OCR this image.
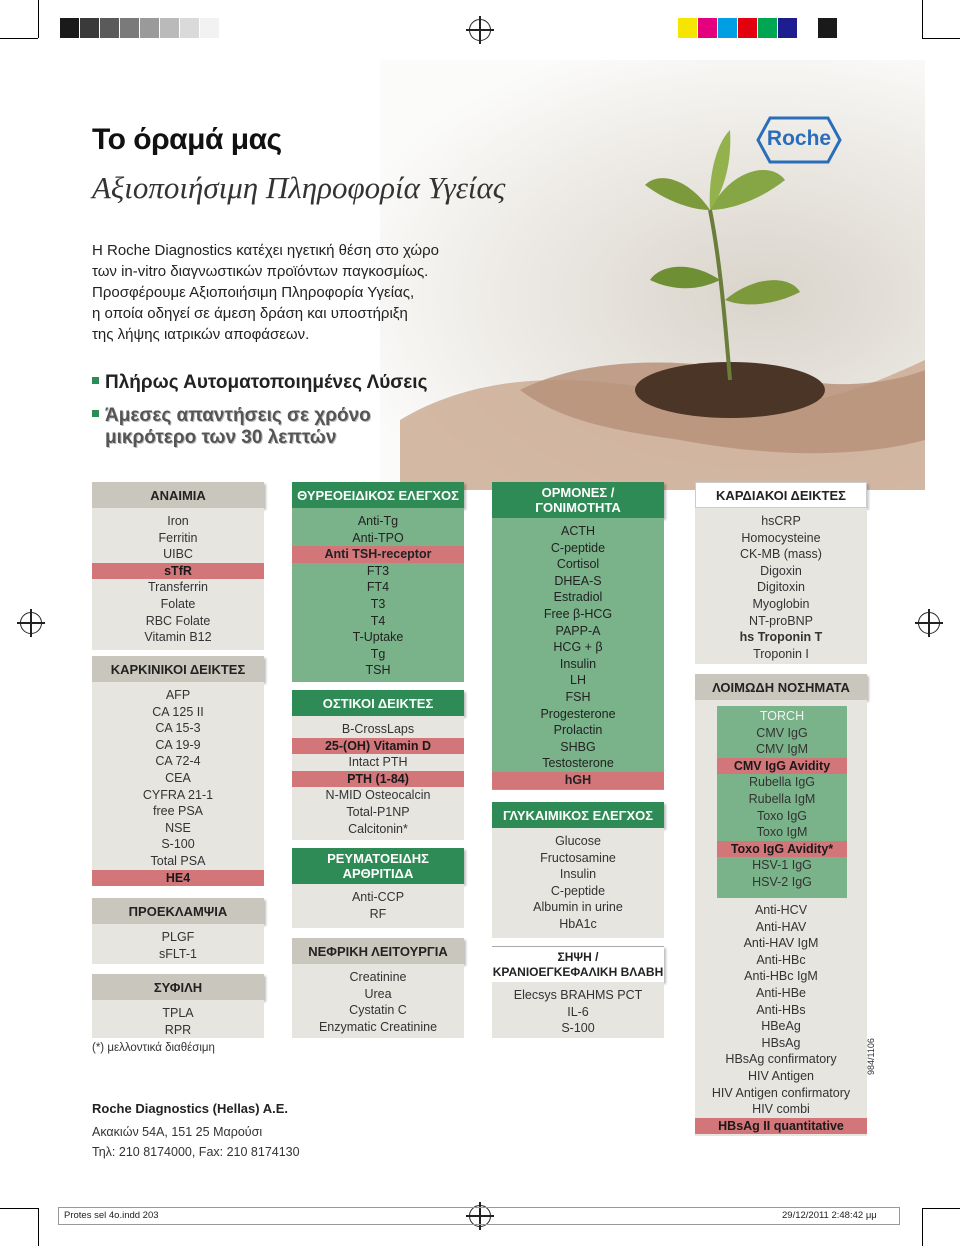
Roche
Το όραμά μας
Αξιοποιήσιμη Πληροφορία Υγείας
Η Roche Diagnostics κατέχει ηγετική θέση στο χώρο
των in-vitro διαγνωστικών προϊόντων παγκοσμίως.
Προσφέρουμε Αξιοποιήσιμη Πληροφορία Υγείας,
η οποία οδηγεί σε άμεση δράση και υποστήριξη
της λήψης ιατρικών αποφάσεων.
Πλήρως Αυτοματοποιημένες Λύσεις
Άμεσες απαντήσεις σε χρόνο
μικρότερο των 30 λεπτών
ΑΝΑΙΜΙΑ
Iron
Ferritin
UIBC
sTfR
Transferrin
Folate
RBC Folate
Vitamin B12
ΚΑΡΚΙΝΙΚΟΙ ΔΕΙΚΤΕΣ
AFP
CA 125 II
CA 15-3
CA 19-9
CA 72-4
CEA
CYFRA 21-1
free PSA
NSE
S-100
Total PSA
HE4
ΠΡΟΕΚΛΑΜΨΙΑ
PLGF
sFLT-1
ΣΥΦΙΛΗ
TPLA
RPR
(*) μελλοντικά διαθέσιμη
ΘΥΡΕΟΕΙΔΙΚΟΣ ΕΛΕΓΧΟΣ
Anti-Tg
Anti-TPO
Anti TSH-receptor
FT3
FT4
T3
T4
T-Uptake
Tg
TSH
ΟΣΤΙΚΟΙ ΔΕΙΚΤΕΣ
B-CrossLaps
25-(OH) Vitamin D
Intact PTH
PTH (1-84)
N-MID Osteocalcin
Total-P1NP
Calcitonin*
ΡΕΥΜΑΤΟΕΙΔΗΣ
ΑΡΘΡΙΤΙΔΑ
Anti-CCP
RF
ΝΕΦΡΙΚΗ ΛΕΙΤΟΥΡΓΙΑ
Creatinine
Urea
Cystatin C
Enzymatic Creatinine
ΟΡΜΟΝΕΣ /
ΓΟΝΙΜΟΤΗΤΑ
ACTH
C-peptide
Cortisol
DHEA-S
Estradiol
Free β-HCG
PAPP-A
HCG + β
Insulin
LH
FSH
Progesterone
Prolactin
SHBG
Testosterone
hGH
ΓΛΥΚΑΙΜΙΚΟΣ ΕΛΕΓΧΟΣ
Glucose
Fructosamine
Insulin
C-peptide
Albumin in urine
HbA1c
ΣΗΨΗ /
ΚΡΑΝΙΟΕΓΚΕΦΑΛΙΚΗ ΒΛΑΒΗ
Elecsys BRAHMS PCT
IL-6
S-100
ΚΑΡΔΙΑΚΟΙ ΔΕΙΚΤΕΣ
hsCRP
Homocysteine
CK-MB (mass)
Digoxin
Digitoxin
Myoglobin
NT-proBNP
hs Troponin T
Troponin I
ΛΟΙΜΩΔΗ ΝΟΣΗΜΑΤΑ
TORCH
CMV IgG
CMV IgM
CMV IgG Avidity
Rubella IgG
Rubella IgM
Toxo IgG
Toxo IgM
Toxo IgG Avidity*
HSV-1 IgG
HSV-2 IgG
Anti-HCV
Anti-HAV
Anti-HAV IgM
Anti-HBc
Anti-HBc IgM
Anti-HBe
Anti-HBs
HBeAg
HBsAg
HBsAg confirmatory
HIV Antigen
HIV Antigen confirmatory
HIV combi
HBsAg II quantitative
Roche Diagnostics (Hellas) A.E.
Ακακιών 54Α, 151 25 Μαρούσι
Τηλ: 210 8174000, Fax: 210 8174130
984/1106
Protes sel 4o.indd 203	29/12/2011 2:48:42 μμ
